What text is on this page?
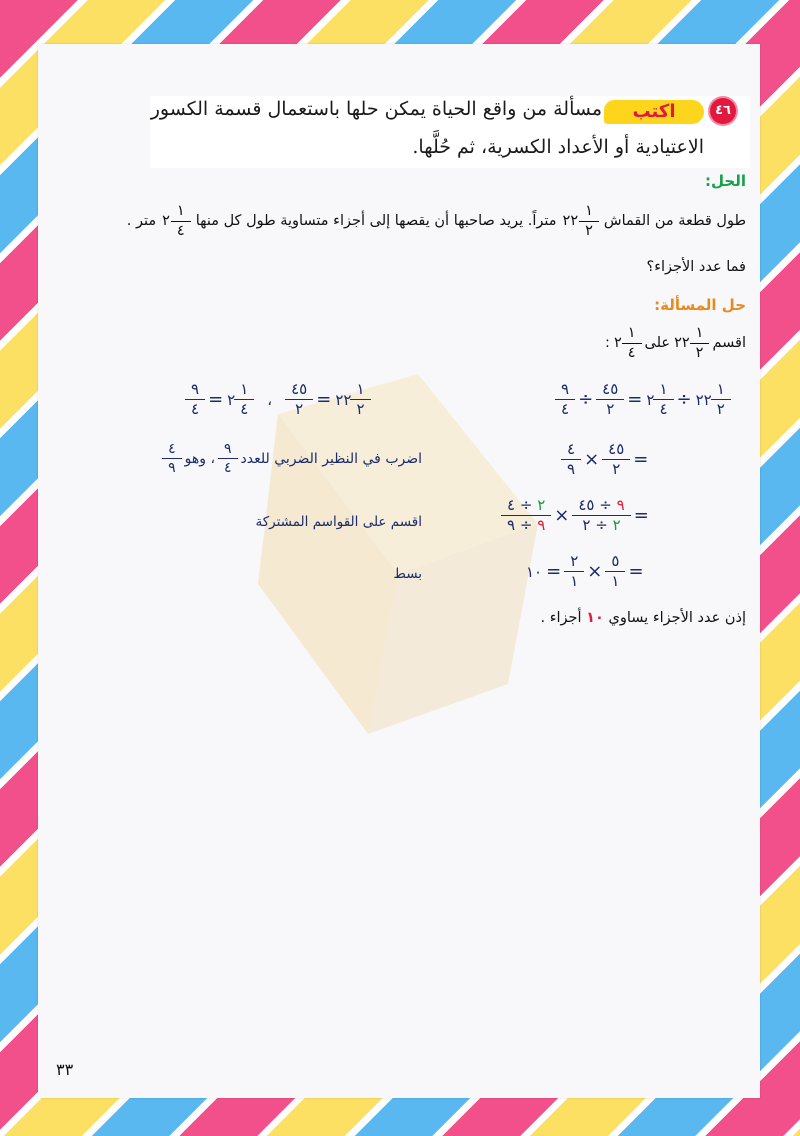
٤٦
اكتب
مسألة من واقع الحياة يمكن حلها باستعمال قسمة الكسور
الاعتيادية أو الأعداد الكسرية، ثم حُلَّها.
الحل:
طول قطعة من القماش
٢٢ $\frac{١}{٢}$
متراً. يريد صاحبها أن يقصها إلى أجزاء متساوية طول كل منها
٢ $\frac{١}{٤}$
متر .
فما عدد الأجزاء؟
حل المسألة:
اقسم
٢٢ $\frac{١}{٢}$
على
٢ $\frac{١}{٤}$
:
$\frac{٩}{٤} \div \frac{٤٥}{٢}$ = ٢ $\frac{١}{٤}$ ÷ ٢٢ $\frac{١}{٢}$
$\frac{٩}{٤}$ = ٢ $\frac{١}{٤}$ ، $\frac{٤٥}{٢}$ = ٢٢ $\frac{١}{٢}$
$\frac{٤}{٩} \times \frac{٤٥}{٢}$ =
اضرب في النظير الضربي للعدد
$\frac{٩}{٤}$
، وهو
$\frac{٤}{٩}$
$\frac{٢ \div ٤}{٩ \div ٩} \times \frac{٩ \div ٤٥}{٢ \div ٢}$ =
اقسم على القواسم المشتركة
١٠ = $\frac{٢}{١} \times \frac{٥}{١}$ =
بسط
إذن عدد الأجزاء يساوي ١٠ أجزاء .
٣٣
